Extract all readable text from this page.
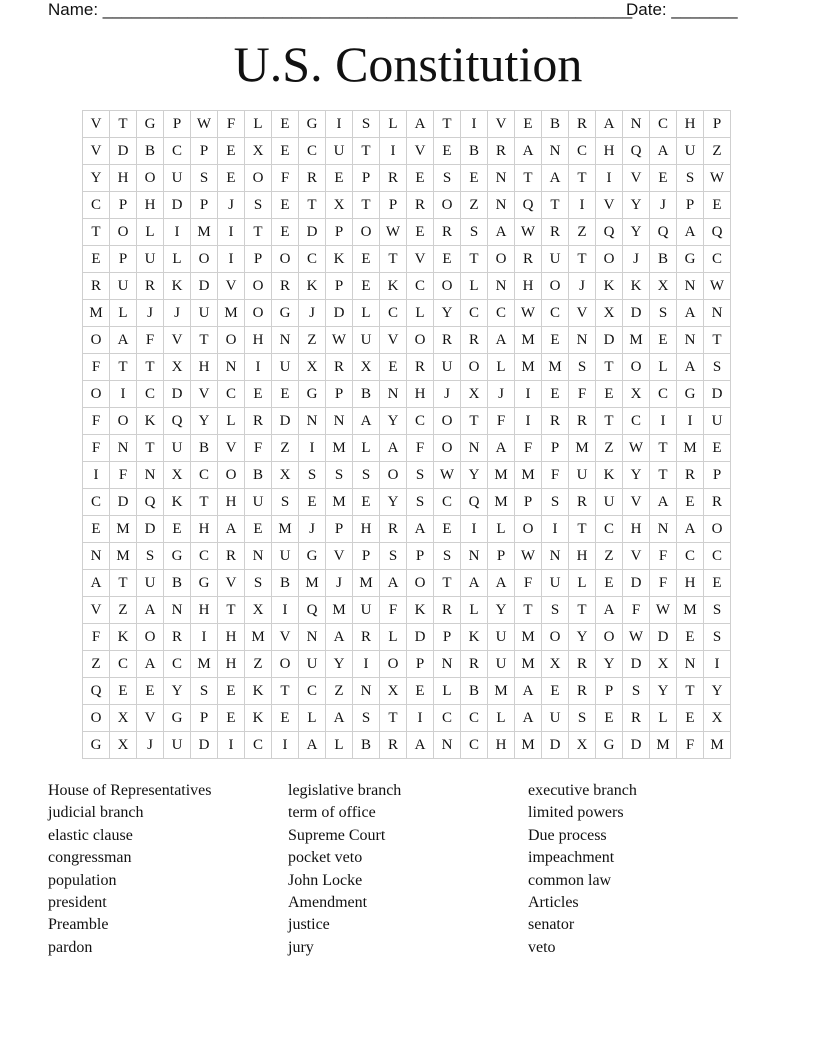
Name: ________________________________________________________
Date: _______
U.S. Constitution
V	T	G	P	W	F	L	E	G	I	S	L	A	T	I	V	E	B	R	A	N	C	H	P
V	D	B	C	P	E	X	E	C	U	T	I	V	E	B	R	A	N	C	H	Q	A	U	Z
Y	H	O	U	S	E	O	F	R	E	P	R	E	S	E	N	T	A	T	I	V	E	S	W
C	P	H	D	P	J	S	E	T	X	T	P	R	O	Z	N	Q	T	I	V	Y	J	P	E
T	O	L	I	M	I	T	E	D	P	O	W	E	R	S	A	W	R	Z	Q	Y	Q	A	Q
E	P	U	L	O	I	P	O	C	K	E	T	V	E	T	O	R	U	T	O	J	B	G	C
R	U	R	K	D	V	O	R	K	P	E	K	C	O	L	N	H	O	J	K	K	X	N	W
M	L	J	J	U	M	O	G	J	D	L	C	L	Y	C	C	W	C	V	X	D	S	A	N
O	A	F	V	T	O	H	N	Z	W	U	V	O	R	R	A	M	E	N	D	M	E	N	T
F	T	T	X	H	N	I	U	X	R	X	E	R	U	O	L	M	M	S	T	O	L	A	S
O	I	C	D	V	C	E	E	G	P	B	N	H	J	X	J	I	E	F	E	X	C	G	D
F	O	K	Q	Y	L	R	D	N	N	A	Y	C	O	T	F	I	R	R	T	C	I	I	U
F	N	T	U	B	V	F	Z	I	M	L	A	F	O	N	A	F	P	M	Z	W	T	M	E
I	F	N	X	C	O	B	X	S	S	S	O	S	W	Y	M	M	F	U	K	Y	T	R	P
C	D	Q	K	T	H	U	S	E	M	E	Y	S	C	Q	M	P	S	R	U	V	A	E	R
E	M	D	E	H	A	E	M	J	P	H	R	A	E	I	L	O	I	T	C	H	N	A	O
N	M	S	G	C	R	N	U	G	V	P	S	P	S	N	P	W	N	H	Z	V	F	C	C
A	T	U	B	G	V	S	B	M	J	M	A	O	T	A	A	F	U	L	E	D	F	H	E
V	Z	A	N	H	T	X	I	Q	M	U	F	K	R	L	Y	T	S	T	A	F	W	M	S
F	K	O	R	I	H	M	V	N	A	R	L	D	P	K	U	M	O	Y	O	W	D	E	S
Z	C	A	C	M	H	Z	O	U	Y	I	O	P	N	R	U	M	X	R	Y	D	X	N	I
Q	E	E	Y	S	E	K	T	C	Z	N	X	E	L	B	M	A	E	R	P	S	Y	T	Y
O	X	V	G	P	E	K	E	L	A	S	T	I	C	C	L	A	U	S	E	R	L	E	X
G	X	J	U	D	I	C	I	A	L	B	R	A	N	C	H	M	D	X	G	D	M	F	M
House of Representatives
judicial branch
elastic clause
congressman
population
president
Preamble
pardon
legislative branch
term of office
Supreme Court
pocket veto
John Locke
Amendment
justice
jury
executive branch
limited powers
Due process
impeachment
common law
Articles
senator
veto
